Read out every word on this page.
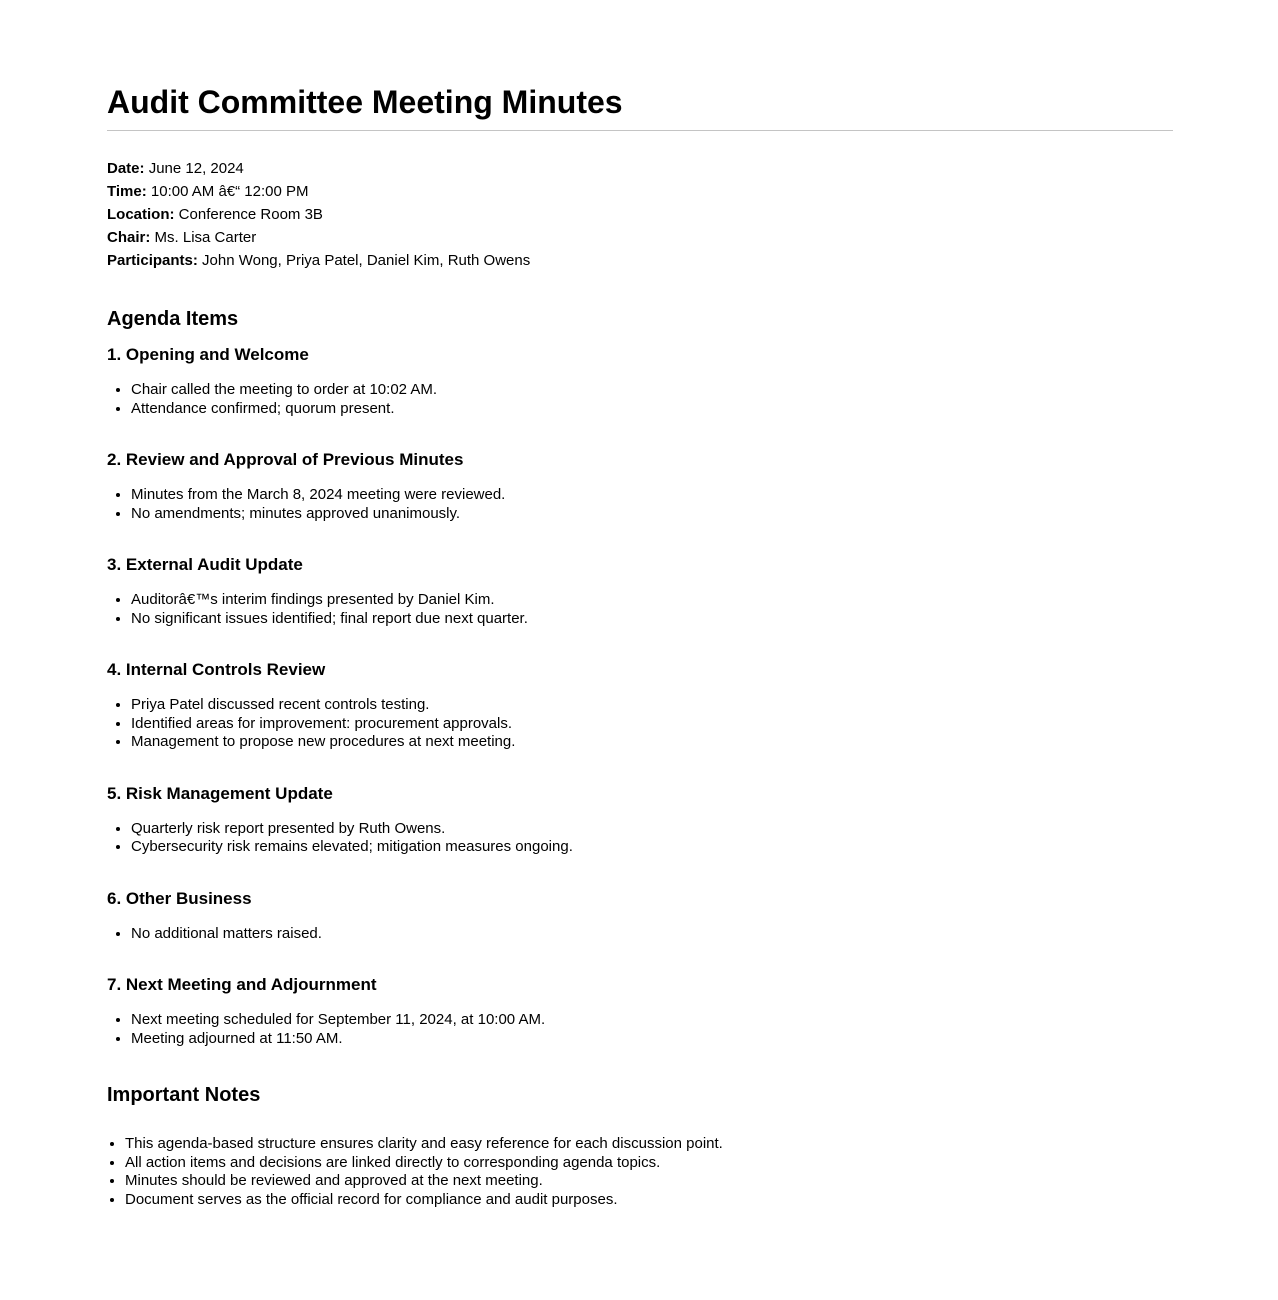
Audit Committee Meeting Minutes
Date: June 12, 2024
Time: 10:00 AM â€“ 12:00 PM
Location: Conference Room 3B
Chair: Ms. Lisa Carter
Participants: John Wong, Priya Patel, Daniel Kim, Ruth Owens
Agenda Items
1. Opening and Welcome
• Chair called the meeting to order at 10:02 AM.
• Attendance confirmed; quorum present.
2. Review and Approval of Previous Minutes
• Minutes from the March 8, 2024 meeting were reviewed.
• No amendments; minutes approved unanimously.
3. External Audit Update
• Auditorâ€™s interim findings presented by Daniel Kim.
• No significant issues identified; final report due next quarter.
4. Internal Controls Review
• Priya Patel discussed recent controls testing.
• Identified areas for improvement: procurement approvals.
• Management to propose new procedures at next meeting.
5. Risk Management Update
• Quarterly risk report presented by Ruth Owens.
• Cybersecurity risk remains elevated; mitigation measures ongoing.
6. Other Business
• No additional matters raised.
7. Next Meeting and Adjournment
• Next meeting scheduled for September 11, 2024, at 10:00 AM.
• Meeting adjourned at 11:50 AM.
Important Notes
• This agenda-based structure ensures clarity and easy reference for each discussion point.
• All action items and decisions are linked directly to corresponding agenda topics.
• Minutes should be reviewed and approved at the next meeting.
• Document serves as the official record for compliance and audit purposes.
